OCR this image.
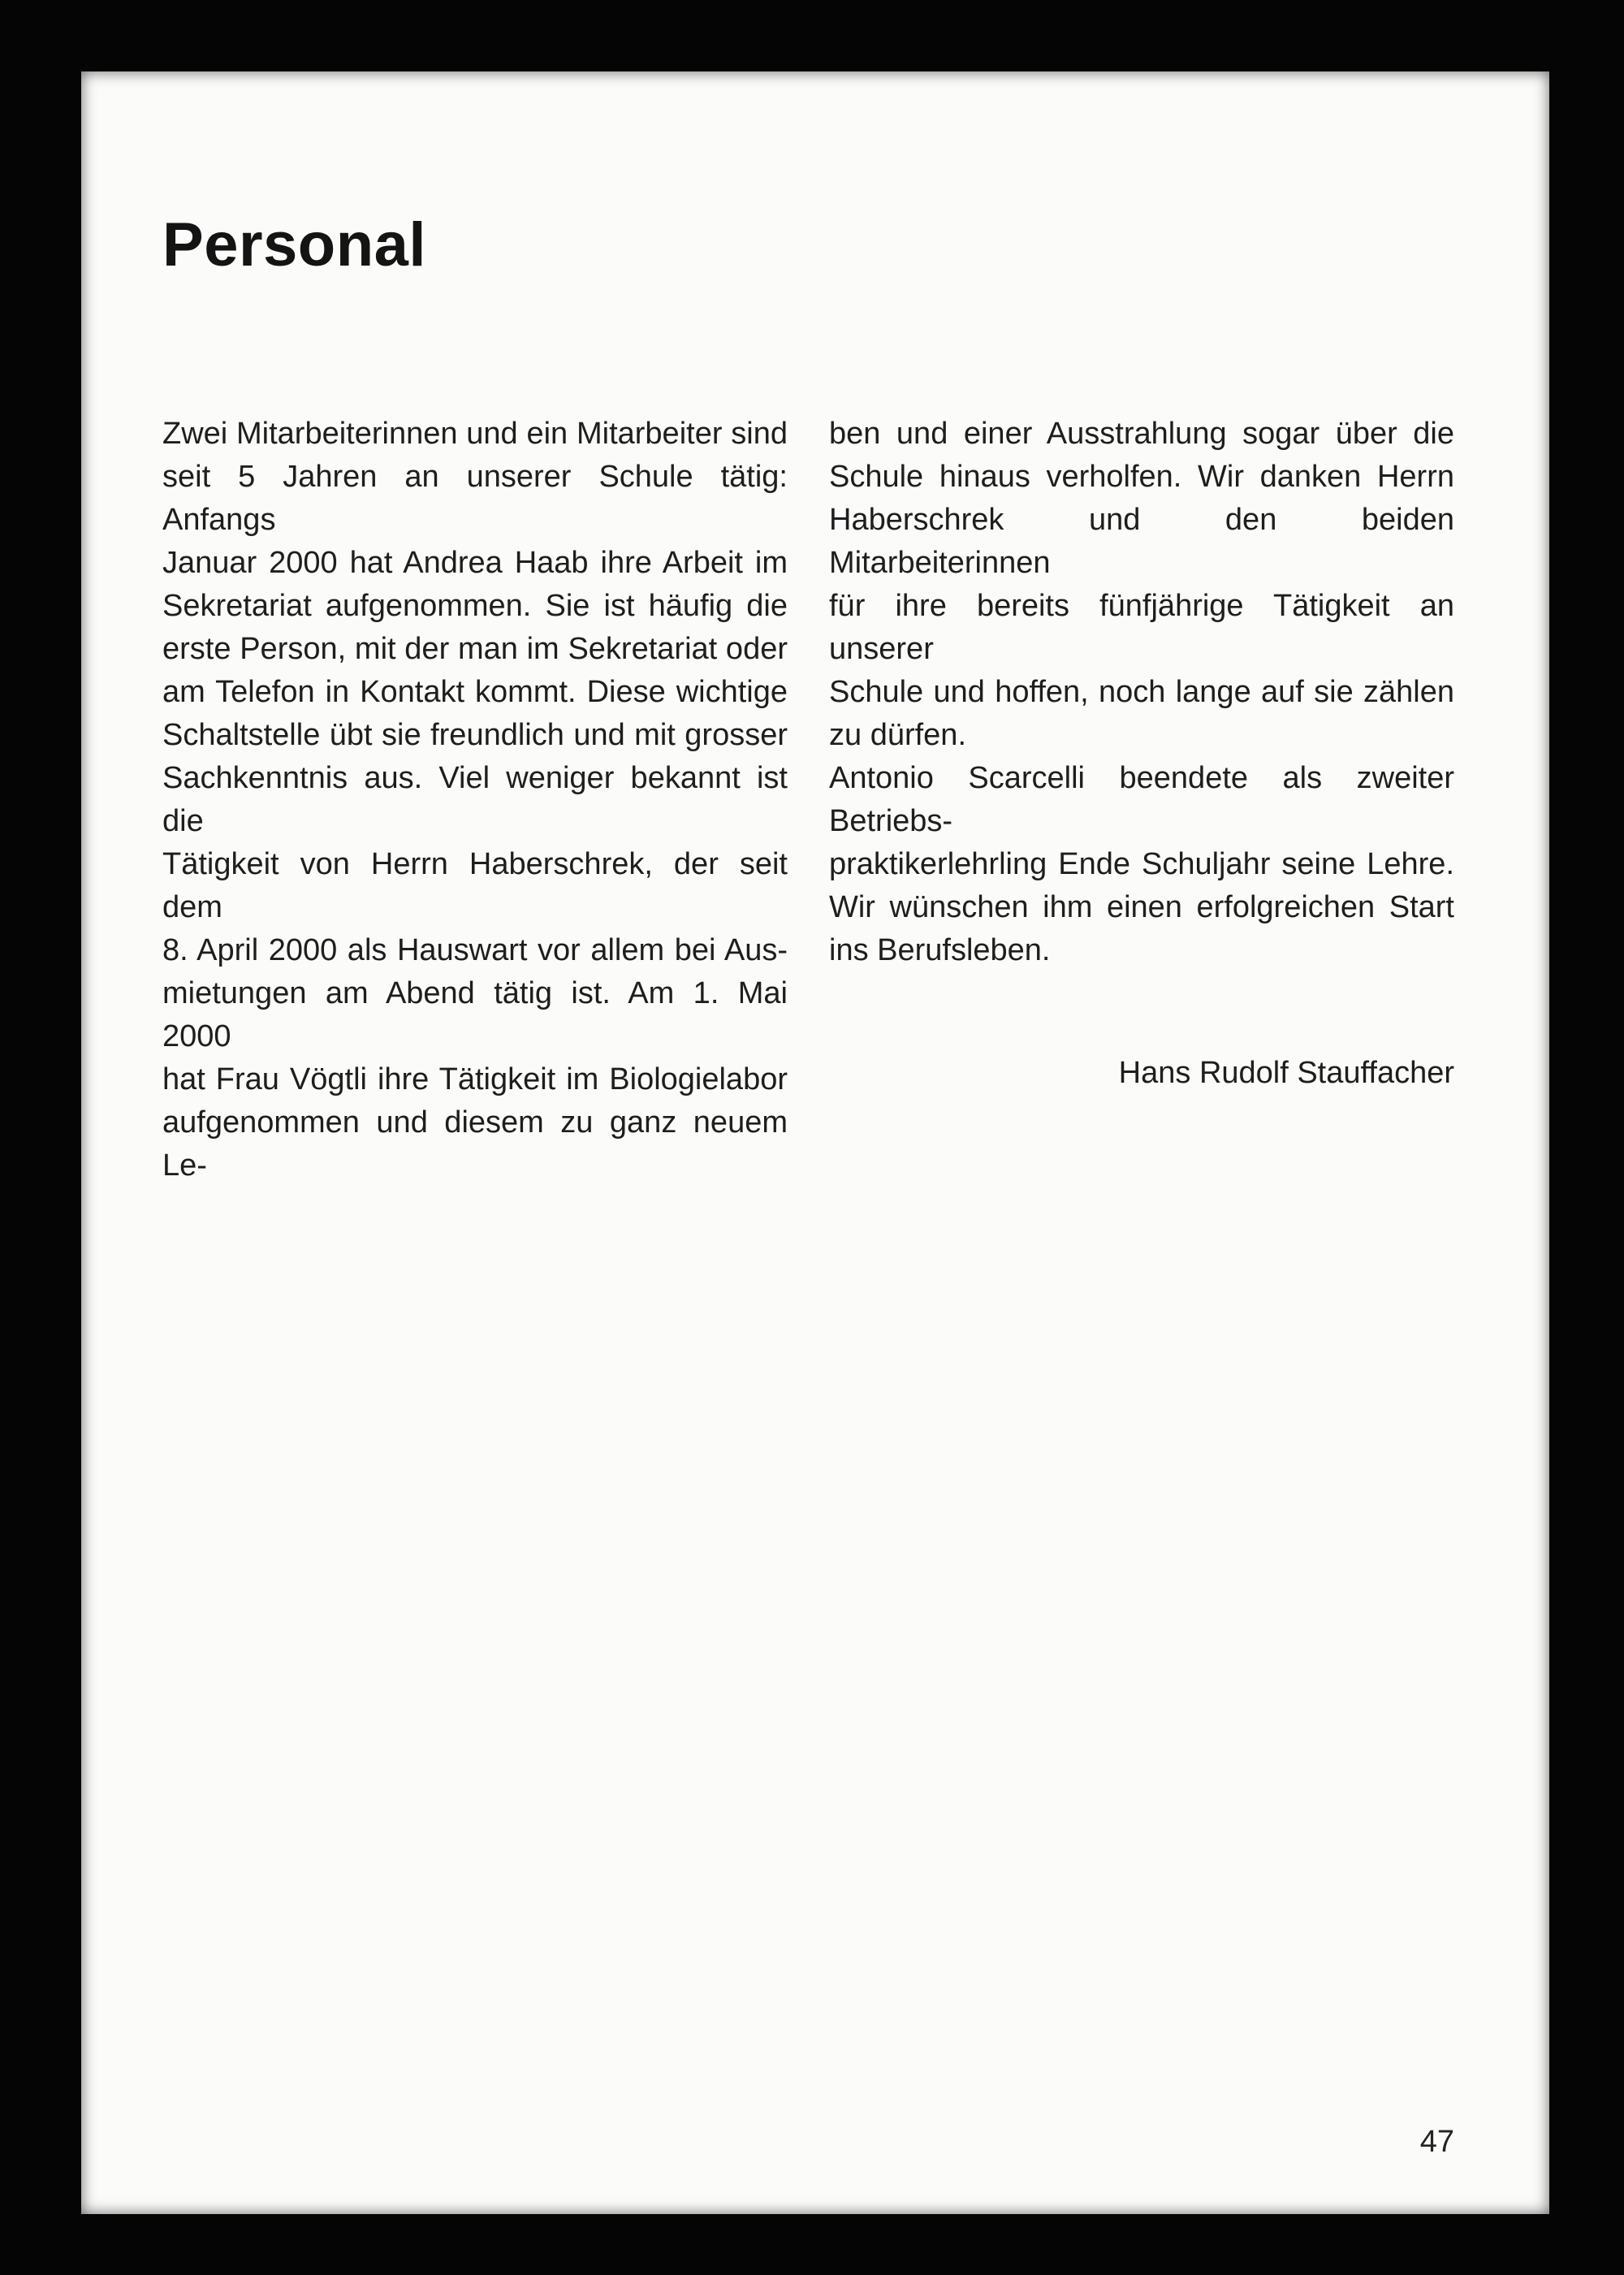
Personal
Zwei Mitarbeiterinnen und ein Mitarbeiter sind
seit 5 Jahren an unserer Schule tätig: Anfangs
Januar 2000 hat Andrea Haab ihre Arbeit im
Sekretariat aufgenommen. Sie ist häufig die
erste Person, mit der man im Sekretariat oder
am Telefon in Kontakt kommt. Diese wichtige
Schaltstelle übt sie freundlich und mit grosser
Sachkenntnis aus. Viel weniger bekannt ist die
Tätigkeit von Herrn Haberschrek, der seit dem
8. April 2000 als Hauswart vor allem bei Aus-
mietungen am Abend tätig ist. Am 1. Mai 2000
hat Frau Vögtli ihre Tätigkeit im Biologielabor
aufgenommen und diesem zu ganz neuem Le-
ben und einer Ausstrahlung sogar über die
Schule hinaus verholfen. Wir danken Herrn
Haberschrek und den beiden Mitarbeiterinnen
für ihre bereits fünfjährige Tätigkeit an unserer
Schule und hoffen, noch lange auf sie zählen
zu dürfen.
Antonio Scarcelli beendete als zweiter Betriebs-
praktikerlehrling Ende Schuljahr seine Lehre.
Wir wünschen ihm einen erfolgreichen Start
ins Berufsleben.
Hans Rudolf Stauffacher
47
